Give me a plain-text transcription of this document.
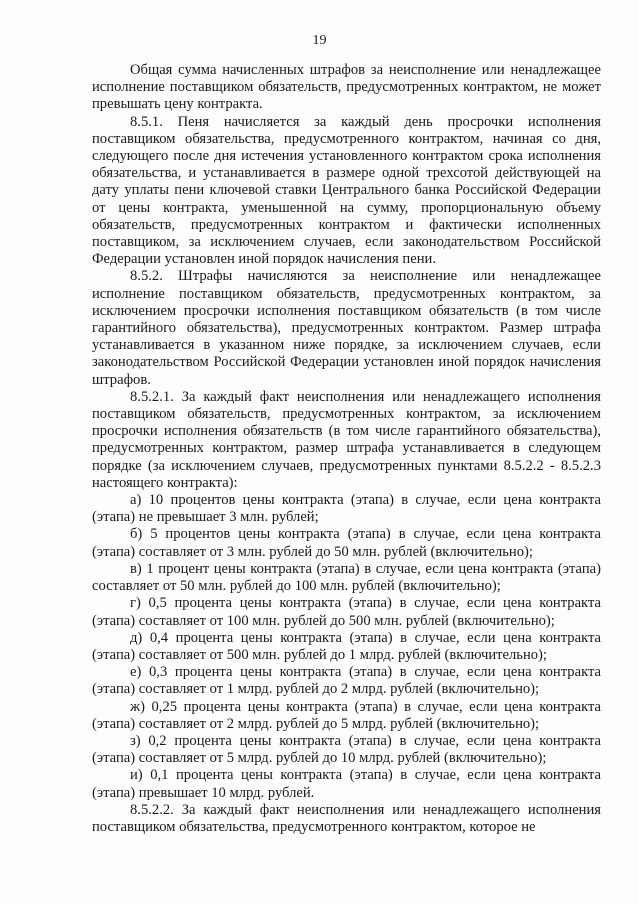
19

Общая сумма начисленных штрафов за неисполнение или ненадлежащее исполнение поставщиком обязательств, предусмотренных контрактом, не может превышать цену контракта.

8.5.1. Пеня начисляется за каждый день просрочки исполнения поставщиком обязательства, предусмотренного контрактом, начиная со дня, следующего после дня истечения установленного контрактом срока исполнения обязательства, и устанавливается в размере одной трехсотой действующей на дату уплаты пени ключевой ставки Центрального банка Российской Федерации от цены контракта, уменьшенной на сумму, пропорциональную объему обязательств, предусмотренных контрактом и фактически исполненных поставщиком, за исключением случаев, если законодательством Российской Федерации установлен иной порядок начисления пени.

8.5.2. Штрафы начисляются за неисполнение или ненадлежащее исполнение поставщиком обязательств, предусмотренных контрактом, за исключением просрочки исполнения поставщиком обязательств (в том числе гарантийного обязательства), предусмотренных контрактом. Размер штрафа устанавливается в указанном ниже порядке, за исключением случаев, если законодательством Российской Федерации установлен иной порядок начисления штрафов.

8.5.2.1. За каждый факт неисполнения или ненадлежащего исполнения поставщиком обязательств, предусмотренных контрактом, за исключением просрочки исполнения обязательств (в том числе гарантийного обязательства), предусмотренных контрактом, размер штрафа устанавливается в следующем порядке (за исключением случаев, предусмотренных пунктами 8.5.2.2 - 8.5.2.3 настоящего контракта):

а) 10 процентов цены контракта (этапа) в случае, если цена контракта (этапа) не превышает 3 млн. рублей;

б) 5 процентов цены контракта (этапа) в случае, если цена контракта (этапа) составляет от 3 млн. рублей до 50 млн. рублей (включительно);

в) 1 процент цены контракта (этапа) в случае, если цена контракта (этапа) составляет от 50 млн. рублей до 100 млн. рублей (включительно);

г) 0,5 процента цены контракта (этапа) в случае, если цена контракта (этапа) составляет от 100 млн. рублей до 500 млн. рублей (включительно);

д) 0,4 процента цены контракта (этапа) в случае, если цена контракта (этапа) составляет от 500 млн. рублей до 1 млрд. рублей (включительно);

е) 0,3 процента цены контракта (этапа) в случае, если цена контракта (этапа) составляет от 1 млрд. рублей до 2 млрд. рублей (включительно);

ж) 0,25 процента цены контракта (этапа) в случае, если цена контракта (этапа) составляет от 2 млрд. рублей до 5 млрд. рублей (включительно);

з) 0,2 процента цены контракта (этапа) в случае, если цена контракта (этапа) составляет от 5 млрд. рублей до 10 млрд. рублей (включительно);

и) 0,1 процента цены контракта (этапа) в случае, если цена контракта (этапа) превышает 10 млрд. рублей.

8.5.2.2. За каждый факт неисполнения или ненадлежащего исполнения поставщиком обязательства, предусмотренного контрактом, которое не
